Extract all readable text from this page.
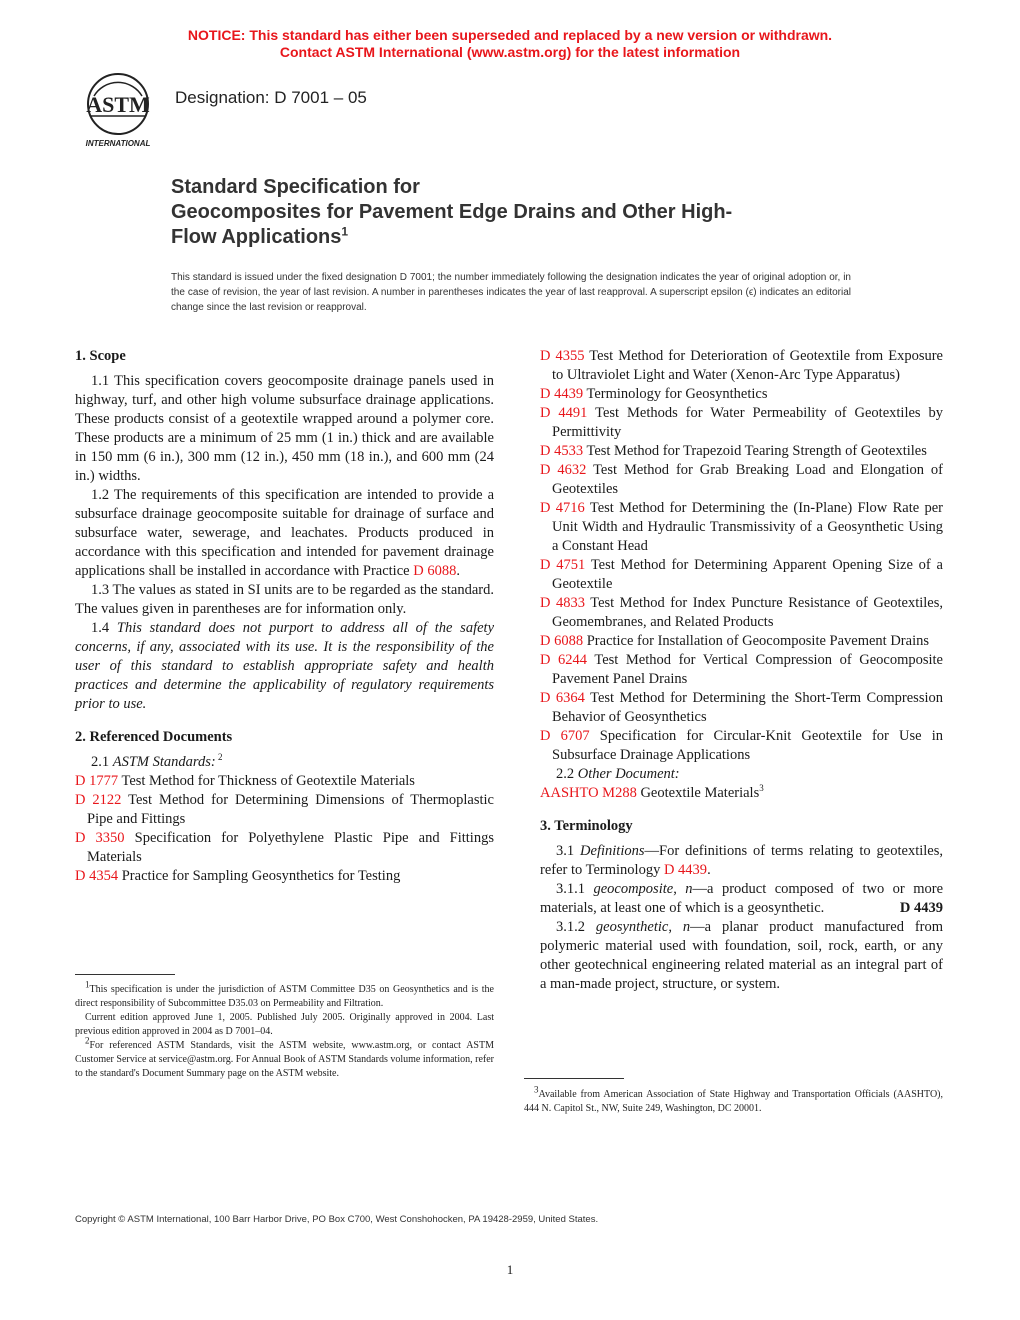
NOTICE: This standard has either been superseded and replaced by a new version or withdrawn.
Contact ASTM International (www.astm.org) for the latest information
ASTM
INTERNATIONAL
Designation: D 7001 – 05
Standard Specification for
Geocomposites for Pavement Edge Drains and Other High-
Flow Applications$^1$
This standard is issued under the fixed designation D 7001; the number immediately following the designation indicates the year of original adoption or, in the case of revision, the year of last revision. A number in parentheses indicates the year of last reapproval. A superscript epsilon (ϵ) indicates an editorial change since the last revision or reapproval.
1. Scope

1.1 This specification covers geocomposite drainage panels used in highway, turf, and other high volume subsurface drainage applications. These products consist of a geotextile wrapped around a polymer core. These products are a minimum of 25 mm (1 in.) thick and are available in 150 mm (6 in.), 300 mm (12 in.), 450 mm (18 in.), and 600 mm (24 in.) widths.

1.2 The requirements of this specification are intended to provide a subsurface drainage geocomposite suitable for drainage of surface and subsurface water, sewerage, and leachates. Products produced in accordance with this specification and intended for pavement drainage applications shall be installed in accordance with Practice D 6088.

1.3 The values as stated in SI units are to be regarded as the standard. The values given in parentheses are for information only.

1.4 This standard does not purport to address all of the safety concerns, if any, associated with its use. It is the responsibility of the user of this standard to establish appropriate safety and health practices and determine the applicability of regulatory requirements prior to use.

2. Referenced Documents

2.1 ASTM Standards: $^2$

D 1777 Test Method for Thickness of Geotextile Materials

D 2122 Test Method for Determining Dimensions of Thermoplastic Pipe and Fittings

D 3350 Specification for Polyethylene Plastic Pipe and Fittings Materials

D 4354 Practice for Sampling Geosynthetics for Testing

D 4355 Test Method for Deterioration of Geotextile from Exposure to Ultraviolet Light and Water (Xenon-Arc Type Apparatus)

D 4439 Terminology for Geosynthetics

D 4491 Test Methods for Water Permeability of Geotextiles by Permittivity

D 4533 Test Method for Trapezoid Tearing Strength of Geotextiles

D 4632 Test Method for Grab Breaking Load and Elongation of Geotextiles

D 4716 Test Method for Determining the (In-Plane) Flow Rate per Unit Width and Hydraulic Transmissivity of a Geosynthetic Using a Constant Head

D 4751 Test Method for Determining Apparent Opening Size of a Geotextile

D 4833 Test Method for Index Puncture Resistance of Geotextiles, Geomembranes, and Related Products

D 6088 Practice for Installation of Geocomposite Pavement Drains

D 6244 Test Method for Vertical Compression of Geocomposite Pavement Panel Drains

D 6364 Test Method for Determining the Short-Term Compression Behavior of Geosynthetics

D 6707 Specification for Circular-Knit Geotextile for Use in Subsurface Drainage Applications

2.2 Other Document:

AASHTO M288 Geotextile Materials$^3$

3. Terminology

3.1 Definitions—For definitions of terms relating to geotextiles, refer to Terminology D 4439.

3.1.1 geocomposite, n—a product composed of two or more materials, at least one of which is a geosynthetic.	D 4439

3.1.2 geosynthetic, n—a planar product manufactured from polymeric material used with foundation, soil, rock, earth, or any other geotechnical engineering related material as an integral part of a man-made project, structure, or system.

$^1$This specification is under the jurisdiction of ASTM Committee D35 on Geosynthetics and is the direct responsibility of Subcommittee D35.03 on Permeability and Filtration.

Current edition approved June 1, 2005. Published July 2005. Originally approved in 2004. Last previous edition approved in 2004 as D 7001–04.

$^2$For referenced ASTM Standards, visit the ASTM website, www.astm.org, or contact ASTM Customer Service at service@astm.org. For Annual Book of ASTM Standards volume information, refer to the standard's Document Summary page on the ASTM website.

$^3$Available from American Association of State Highway and Transportation Officials (AASHTO), 444 N. Capitol St., NW, Suite 249, Washington, DC 20001.

Copyright © ASTM International, 100 Barr Harbor Drive, PO Box C700, West Conshohocken, PA 19428-2959, United States.
1
